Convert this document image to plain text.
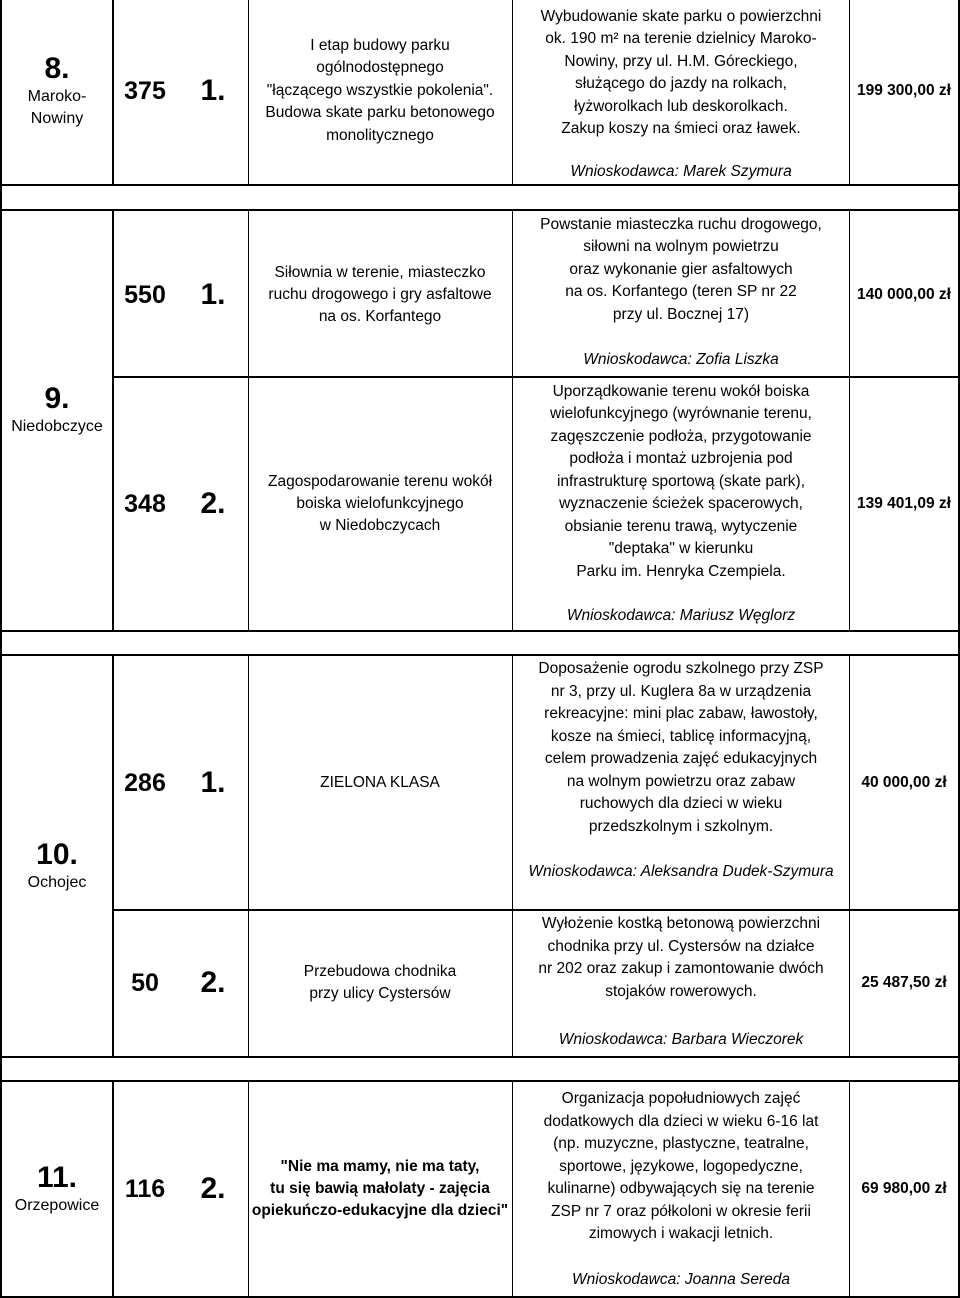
8.
Maroko-
Nowiny
375 1.
I etap budowy parku
ogólnodostępnego
"łączącego wszystkie pokolenia".
Budowa skate parku betonowego
monolitycznego
Wybudowanie skate parku o powierzchni
ok. 190 m² na terenie dzielnicy Maroko-
Nowiny, przy ul. H.M. Góreckiego,
służącego do jazdy na rolkach,
łyżworolkach lub deskorolkach.
Zakup koszy na śmieci oraz ławek.
Wnioskodawca: Marek Szymura
199 300,00 zł
550 1.
Siłownia w terenie, miasteczko
ruchu drogowego i gry asfaltowe
na os. Korfantego
Powstanie miasteczka ruchu drogowego,
siłowni na wolnym powietrzu
oraz wykonanie gier asfaltowych
na os. Korfantego (teren SP nr 22
przy ul. Bocznej 17)
Wnioskodawca: Zofia Liszka
140 000,00 zł
9.
Niedobczyce
348 2.
Zagospodarowanie terenu wokół
boiska wielofunkcyjnego
w Niedobczycach
Uporządkowanie terenu wokół boiska
wielofunkcyjnego (wyrównanie terenu,
zagęszczenie podłoża, przygotowanie
podłoża i montaż uzbrojenia pod
infrastrukturę sportową (skate park),
wyznaczenie ścieżek spacerowych,
obsianie terenu trawą, wytyczenie
"deptaka" w kierunku
Parku im. Henryka Czempiela.
Wnioskodawca: Mariusz Węglorz
139 401,09 zł
10.
Ochojec
286 1.	ZIELONA KLASA
Doposażenie ogrodu szkolnego przy ZSP
nr 3, przy ul. Kuglera 8a w urządzenia
rekreacyjne: mini plac zabaw, ławostoły,
kosze na śmieci, tablicę informacyjną,
celem prowadzenia zajęć edukacyjnych
na wolnym powietrzu oraz zabaw
ruchowych dla dzieci w wieku
przedszkolnym i szkolnym.
Wnioskodawca: Aleksandra Dudek-Szymura
40 000,00 zł
50 2.	Przebudowa chodnika
przy ulicy Cystersów
Wyłożenie kostką betonową powierzchni
chodnika przy ul. Cystersów na działce
nr 202 oraz zakup i zamontowanie dwóch
stojaków rowerowych.
Wnioskodawca: Barbara Wieczorek
25 487,50 zł
11.
Orzepowice
116 2.
"Nie ma mamy, nie ma taty,
tu się bawią małolaty - zajęcia
opiekuńczo-edukacyjne dla dzieci"
Organizacja popołudniowych zajęć
dodatkowych dla dzieci w wieku 6-16 lat
(np. muzyczne, plastyczne, teatralne,
sportowe, językowe, logopedyczne,
kulinarne) odbywających się na terenie
ZSP nr 7 oraz półkoloni w okresie ferii
zimowych i wakacji letnich.
Wnioskodawca: Joanna Sereda
69 980,00 zł
